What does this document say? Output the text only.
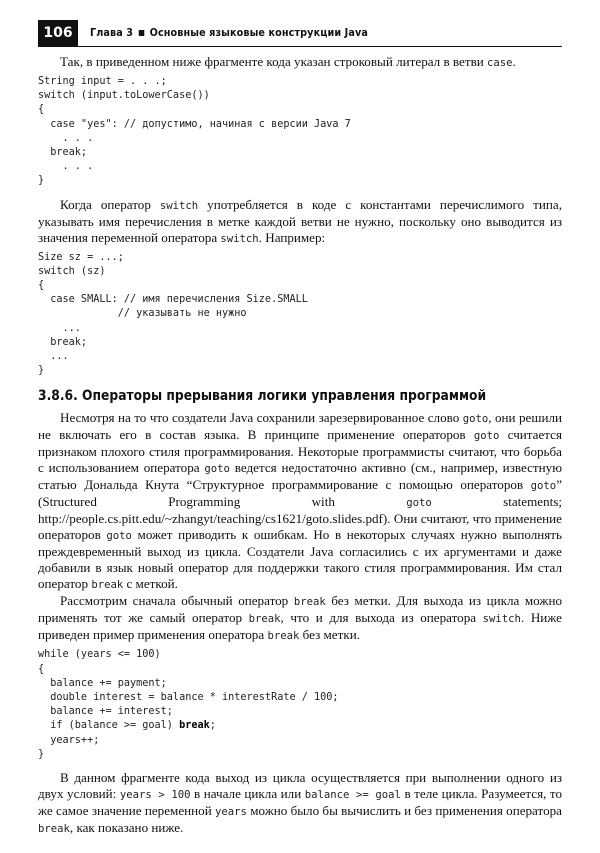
106	Глава 3 Основные языковые конструкции Java

Так, в приведенном ниже фрагменте кода указан строковый литерал в ветви case.

String input = . . .;
switch (input.toLowerCase())
{
case "yes": // допустимо, начиная с версии Java 7
. . .
break;
. . .
}

Когда оператор switch употребляется в коде с константами перечислимого типа, указывать имя перечисления в метке каждой ветви не нужно, поскольку оно выводится из значения переменной оператора switch. Например:

Size sz = ...;
switch (sz)
{
case SMALL: // имя перечисления Size.SMALL
// указывать не нужно
...
break;
...
}
3.8.6. Операторы прерывания логики управления программой

Несмотря на то что создатели Java сохранили зарезервированное слово goto, они решили не включать его в состав языка. В принципе применение операторов goto считается признаком плохого стиля программирования. Некоторые программисты считают, что борьба с использованием оператора goto ведется недостаточно активно (см., например, известную статью Дональда Кнута “Структурное программирование с помощью операторов goto” (Structured Programming with goto statements; http://people.cs.pitt.edu/~zhangyt/teaching/cs1621/goto.slides.pdf). Они считают, что применение операторов goto может приводить к ошибкам. Но в некоторых случаях нужно выполнять преждевременный выход из цикла. Создатели Java согласились с их аргументами и даже добавили в язык новый оператор для поддержки такого стиля программирования. Им стал оператор break с меткой.

Рассмотрим сначала обычный оператор break без метки. Для выхода из цикла можно применять тот же самый оператор break, что и для выхода из оператора switch. Ниже приведен пример применения оператора break без метки.

while (years <= 100)
{
balance += payment;
double interest = balance * interestRate / 100;
balance += interest;
if (balance >= goal) break;
years++;
}

В данном фрагменте кода выход из цикла осуществляется при выполнении одного из двух условий: years > 100 в начале цикла или balance >= goal в теле цикла. Разумеется, то же самое значение переменной years можно было бы вычислить и без применения оператора break, как показано ниже.
